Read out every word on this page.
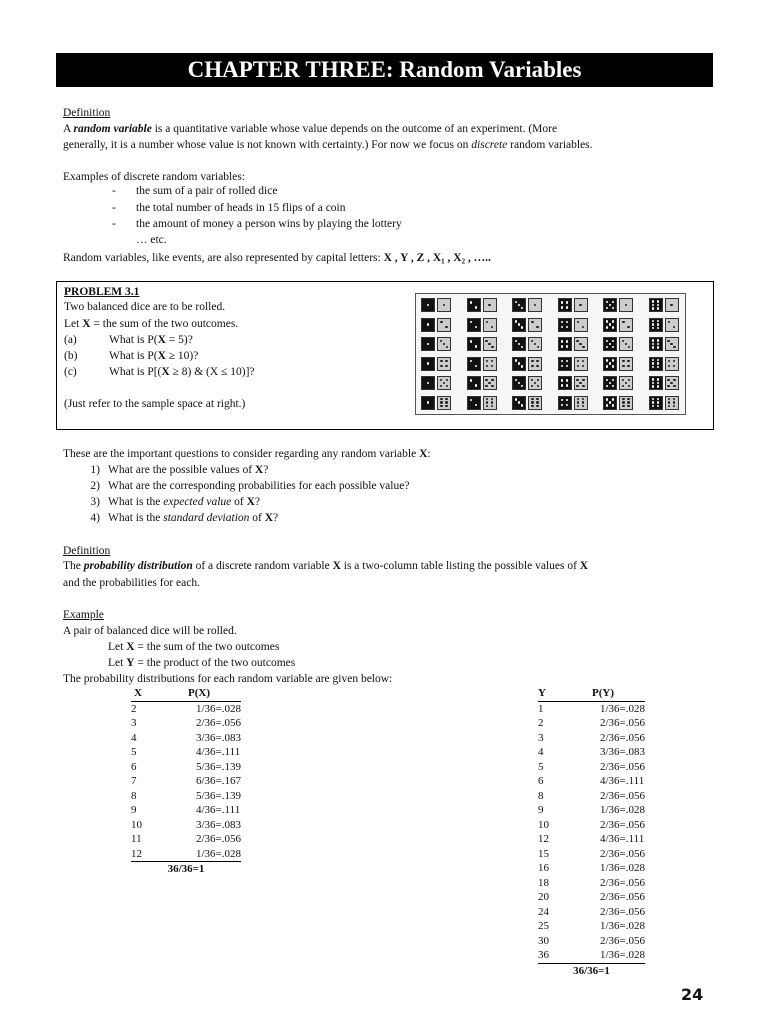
CHAPTER THREE: Random Variables
Definition
A random variable is a quantitative variable whose value depends on the outcome of an experiment. (More
generally, it is a number whose value is not known with certainty.) For now we focus on discrete random variables.
Examples of discrete random variables:
- the sum of a pair of rolled dice
- the total number of heads in 15 flips of a coin
- the amount of money a person wins by playing the lottery
… etc.
Random variables, like events, are also represented by capital letters: X , Y , Z , X₁ , X₂ , …..
PROBLEM 3.1
Two balanced dice are to be rolled.
Let X = the sum of the two outcomes.
(a)	What is P(X = 5)?
(b)	What is P(X ≥ 10)?
(c)	What is P[(X ≥ 8) & (X ≤ 10)]?
(Just refer to the sample space at right.)
These are the important questions to consider regarding any random variable X:
1) What are the possible values of X?
2) What are the corresponding probabilities for each possible value?
3) What is the expected value of X?
4) What is the standard deviation of X?
Definition
The probability distribution of a discrete random variable X is a two-column table listing the possible values of X
and the probabilities for each.
Example
A pair of balanced dice will be rolled.
Let X = the sum of the two outcomes
Let Y = the product of the two outcomes
The probability distributions for each random variable are given below:
X	P(X)
2	1/36=.028
3	2/36=.056
4	3/36=.083
5	4/36=.111
6	5/36=.139
7	6/36=.167
8	5/36=.139
9	4/36=.111
10	3/36=.083
11	2/36=.056
12	1/36=.028
36/36=1	
Y	P(Y)
1	1/36=.028
2	2/36=.056
3	2/36=.056
4	3/36=.083
5	2/36=.056
6	4/36=.111
8	2/36=.056
9	1/36=.028
10	2/36=.056
12	4/36=.111
15	2/36=.056
16	1/36=.028
18	2/36=.056
20	2/36=.056
24	2/36=.056
25	1/36=.028
30	2/36=.056
36	1/36=.028
36/36=1	
24
